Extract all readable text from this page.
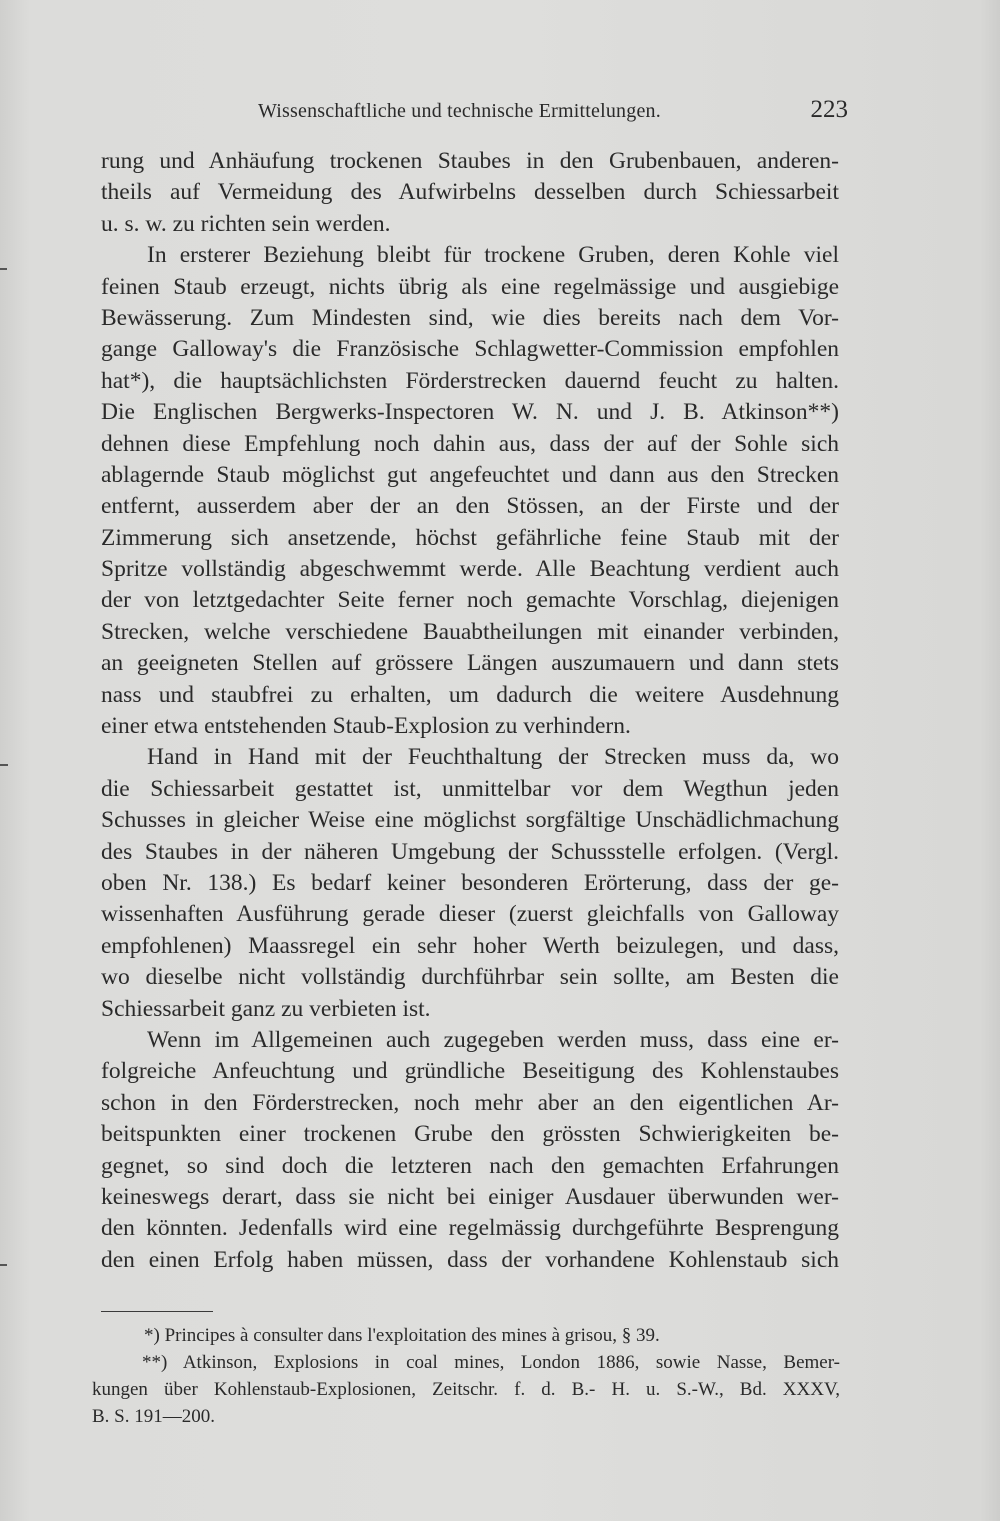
Wissenschaftliche und technische Ermittelungen.	223
rung und Anhäufung trockenen Staubes in den Grubenbauen, anderen-
theils auf Vermeidung des Aufwirbelns desselben durch Schiessarbeit
u. s. w. zu richten sein werden.
In ersterer Beziehung bleibt für trockene Gruben, deren Kohle viel
feinen Staub erzeugt, nichts übrig als eine regelmässige und ausgiebige
Bewässerung. Zum Mindesten sind, wie dies bereits nach dem Vor-
gange Galloway's die Französische Schlagwetter-Commission empfohlen
hat*), die hauptsächlichsten Förderstrecken dauernd feucht zu halten.
Die Englischen Bergwerks-Inspectoren W. N. und J. B. Atkinson**)
dehnen diese Empfehlung noch dahin aus, dass der auf der Sohle sich
ablagernde Staub möglichst gut angefeuchtet und dann aus den Strecken
entfernt, ausserdem aber der an den Stössen, an der Firste und der
Zimmerung sich ansetzende, höchst gefährliche feine Staub mit der
Spritze vollständig abgeschwemmt werde. Alle Beachtung verdient auch
der von letztgedachter Seite ferner noch gemachte Vorschlag, diejenigen
Strecken, welche verschiedene Bauabtheilungen mit einander verbinden,
an geeigneten Stellen auf grössere Längen auszumauern und dann stets
nass und staubfrei zu erhalten, um dadurch die weitere Ausdehnung
einer etwa entstehenden Staub-Explosion zu verhindern.
Hand in Hand mit der Feuchthaltung der Strecken muss da, wo
die Schiessarbeit gestattet ist, unmittelbar vor dem Wegthun jeden
Schusses in gleicher Weise eine möglichst sorgfältige Unschädlichmachung
des Staubes in der näheren Umgebung der Schussstelle erfolgen. (Vergl.
oben Nr. 138.) Es bedarf keiner besonderen Erörterung, dass der ge-
wissenhaften Ausführung gerade dieser (zuerst gleichfalls von Galloway
empfohlenen) Maassregel ein sehr hoher Werth beizulegen, und dass,
wo dieselbe nicht vollständig durchführbar sein sollte, am Besten die
Schiessarbeit ganz zu verbieten ist.
Wenn im Allgemeinen auch zugegeben werden muss, dass eine er-
folgreiche Anfeuchtung und gründliche Beseitigung des Kohlenstaubes
schon in den Förderstrecken, noch mehr aber an den eigentlichen Ar-
beitspunkten einer trockenen Grube den grössten Schwierigkeiten be-
gegnet, so sind doch die letzteren nach den gemachten Erfahrungen
keineswegs derart, dass sie nicht bei einiger Ausdauer überwunden wer-
den könnten. Jedenfalls wird eine regelmässig durchgeführte Besprengung
den einen Erfolg haben müssen, dass der vorhandene Kohlenstaub sich
*) Principes à consulter dans l'exploitation des mines à grisou, § 39.
**) Atkinson, Explosions in coal mines, London 1886, sowie Nasse, Bemer-
kungen über Kohlenstaub-Explosionen, Zeitschr. f. d. B.- H. u. S.-W., Bd. XXXV,
B. S. 191—200.
